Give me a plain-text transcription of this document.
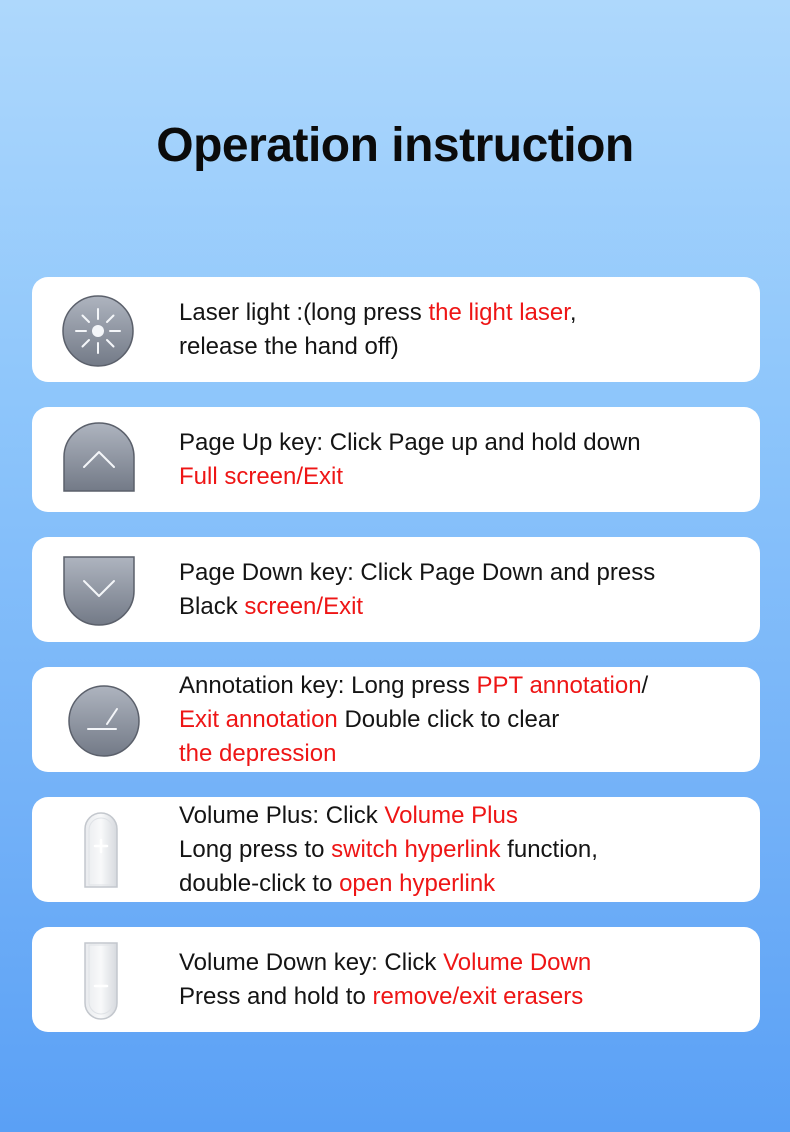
Operation instruction
Laser light :(long press the light laser,
release the hand off)
Page Up key: Click Page up and hold down
Full screen/Exit
Page Down key: Click Page Down and press
Black screen/Exit
Annotation key: Long press PPT annotation/
Exit annotation Double click to clear
the depression
Volume Plus: Click Volume Plus
Long press to switch hyperlink function,
double-click to open hyperlink
Volume Down key: Click Volume Down
Press and hold to remove/exit erasers
